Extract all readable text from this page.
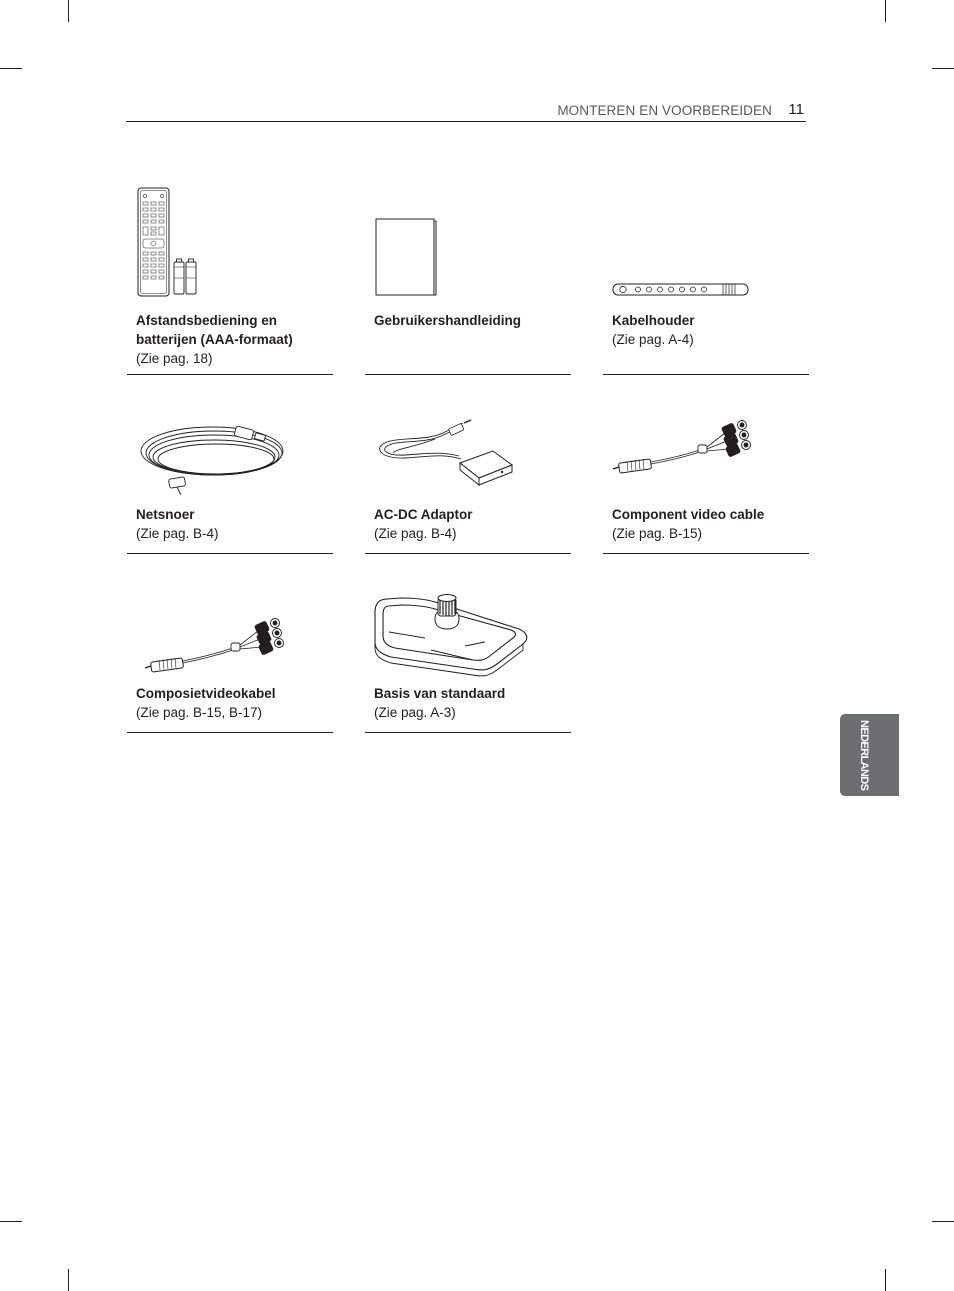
MONTEREN EN VOORBEREIDEN 11
Afstandsbediening en batterijen (AAA-formaat)
(Zie pag. 18)
Gebruikershandleiding	Kabelhouder
(Zie pag. A-4)
Netsnoer
(Zie pag. B-4)
AC-DC Adaptor
(Zie pag. B-4)
Component video cable
(Zie pag. B-15)
Composietvideokabel
(Zie pag. B-15, B-17)
Basis van standaard
(Zie pag. A-3)
NEDERLANDS
